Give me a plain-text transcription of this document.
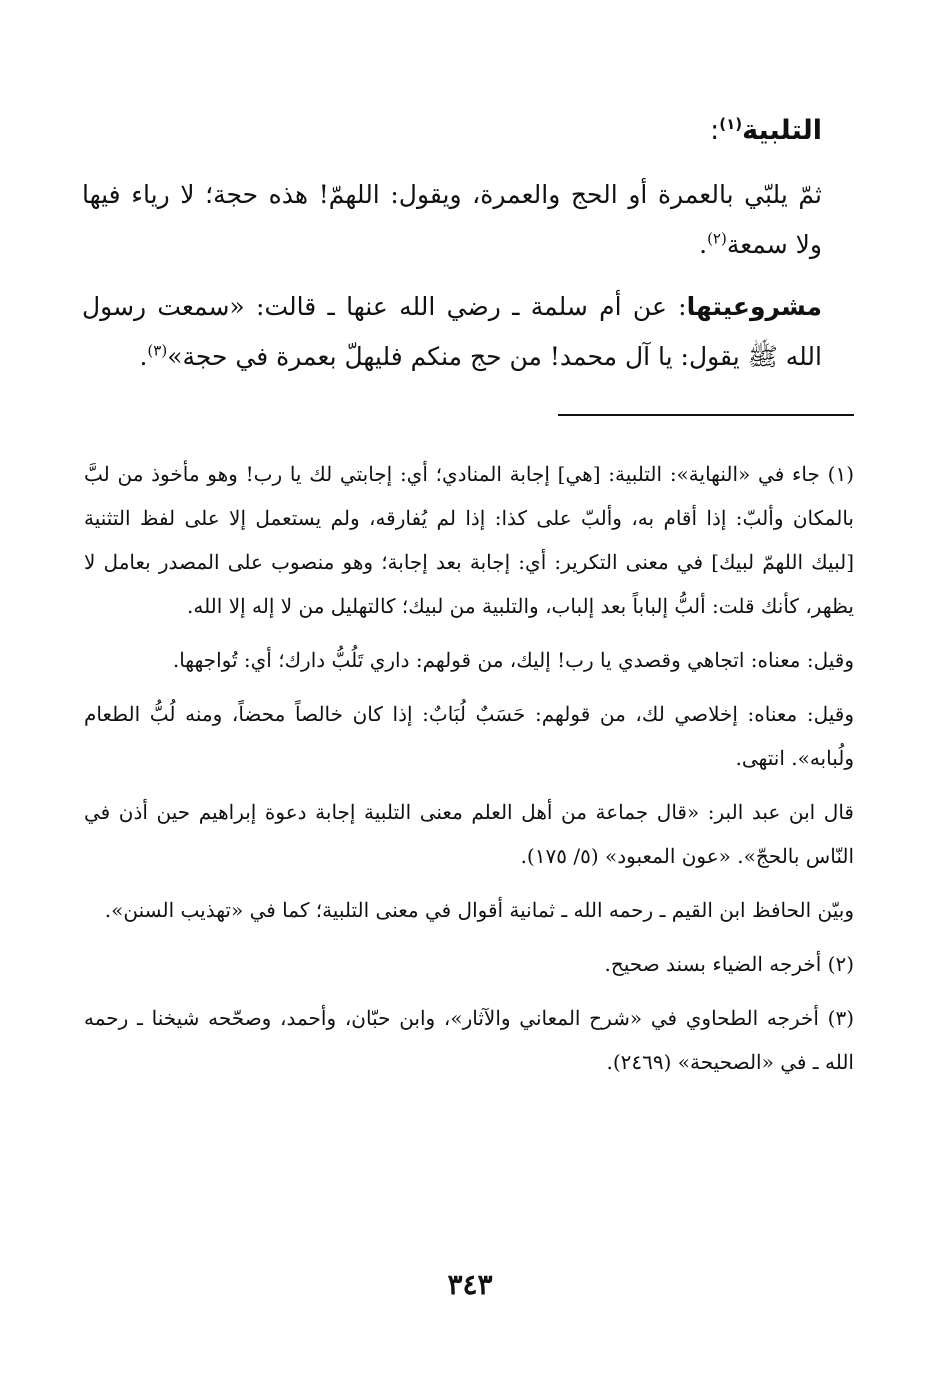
التلبية$^{(١)}$:

ثمّ يلبّي بالعمرة أو الحج والعمرة، ويقول: اللهمّ! هذه حجة؛ لا رياء فيها ولا سمعة$^{(٢)}$.

مشروعيتها: عن أم سلمة ـ رضي الله عنها ـ قالت: «سمعت رسول الله ﷺ يقول: يا آل محمد! من حج منكم فليهلّ بعمرة في حجة»$^{(٣)}$.

(١) جاء في «النهاية»: التلبية: [هي] إجابة المنادي؛ أي: إجابتي لك يا رب! وهو مأخوذ من لبَّ بالمكان وألبّ: إذا أقام به، وألبّ على كذا: إذا لم يُفارقه، ولم يستعمل إلا على لفظ التثنية [لبيك اللهمّ لبيك] في معنى التكرير: أي: إجابة بعد إجابة؛ وهو منصوب على المصدر بعامل لا يظهر، كأنك قلت: ألبُّ إلباباً بعد إلباب، والتلبية من لبيك؛ كالتهليل من لا إله إلا الله.

وقيل: معناه: اتجاهي وقصدي يا رب! إليك، من قولهم: داري تَلُبُّ دارك؛ أي: تُواجهها.

وقيل: معناه: إخلاصي لك، من قولهم: حَسَبٌ لُبَابٌ: إذا كان خالصاً محضاً، ومنه لُبُّ الطعام ولُبابه». انتهى.

قال ابن عبد البر: «قال جماعة من أهل العلم معنى التلبية إجابة دعوة إبراهيم حين أذن في النّاس بالحجّ». «عون المعبود» (٥/ ١٧٥).

وبيّن الحافظ ابن القيم ـ رحمه الله ـ ثمانية أقوال في معنى التلبية؛ كما في «تهذيب السنن».

(٢) أخرجه الضياء بسند صحيح.

(٣) أخرجه الطحاوي في «شرح المعاني والآثار»، وابن حبّان، وأحمد، وصحّحه شيخنا ـ رحمه الله ـ في «الصحيحة» (٢٤٦٩).

٣٤٣
